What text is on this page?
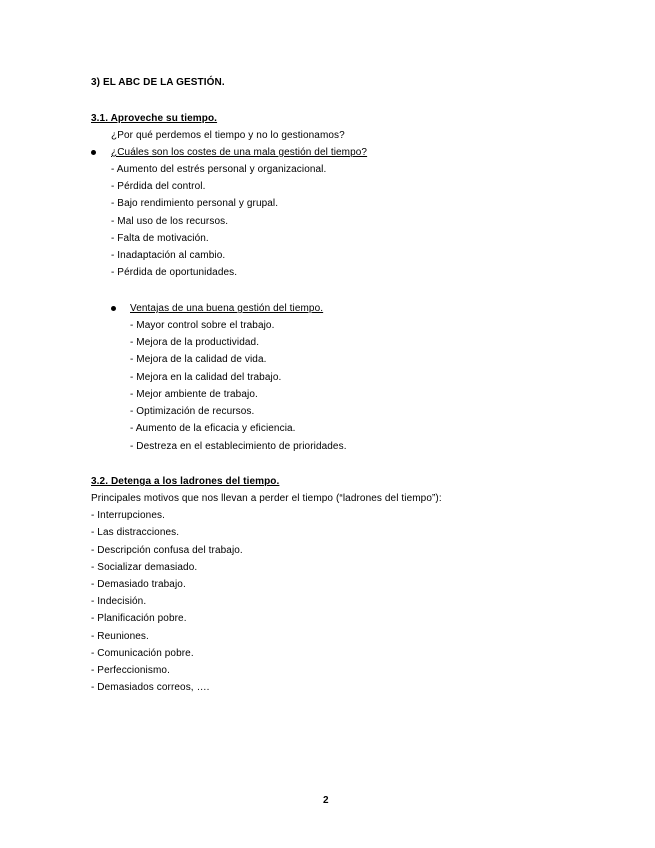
3) EL ABC DE LA GESTIÓN.
3.1. Aproveche su tiempo.
¿Por qué perdemos el tiempo y no lo gestionamos?
¿Cuáles son los costes de una mala gestión del tiempo?
- Aumento del estrés personal y organizacional.
- Pérdida del control.
- Bajo rendimiento personal y grupal.
- Mal uso de los recursos.
- Falta de motivación.
- Inadaptación al cambio.
- Pérdida de oportunidades.
Ventajas de una buena gestión del tiempo.
- Mayor control sobre el trabajo.
- Mejora de la productividad.
- Mejora de la calidad de vida.
- Mejora en la calidad del trabajo.
- Mejor ambiente de trabajo.
- Optimización de recursos.
- Aumento de la eficacia y eficiencia.
- Destreza en el establecimiento de prioridades.
3.2. Detenga a los ladrones del tiempo.
Principales motivos que nos llevan a perder el tiempo (“ladrones del tiempo”):
- Interrupciones.
- Las distracciones.
- Descripción confusa del trabajo.
- Socializar demasiado.
- Demasiado trabajo.
- Indecisión.
- Planificación pobre.
- Reuniones.
- Comunicación pobre.
- Perfeccionismo.
- Demasiados correos, ….
2
